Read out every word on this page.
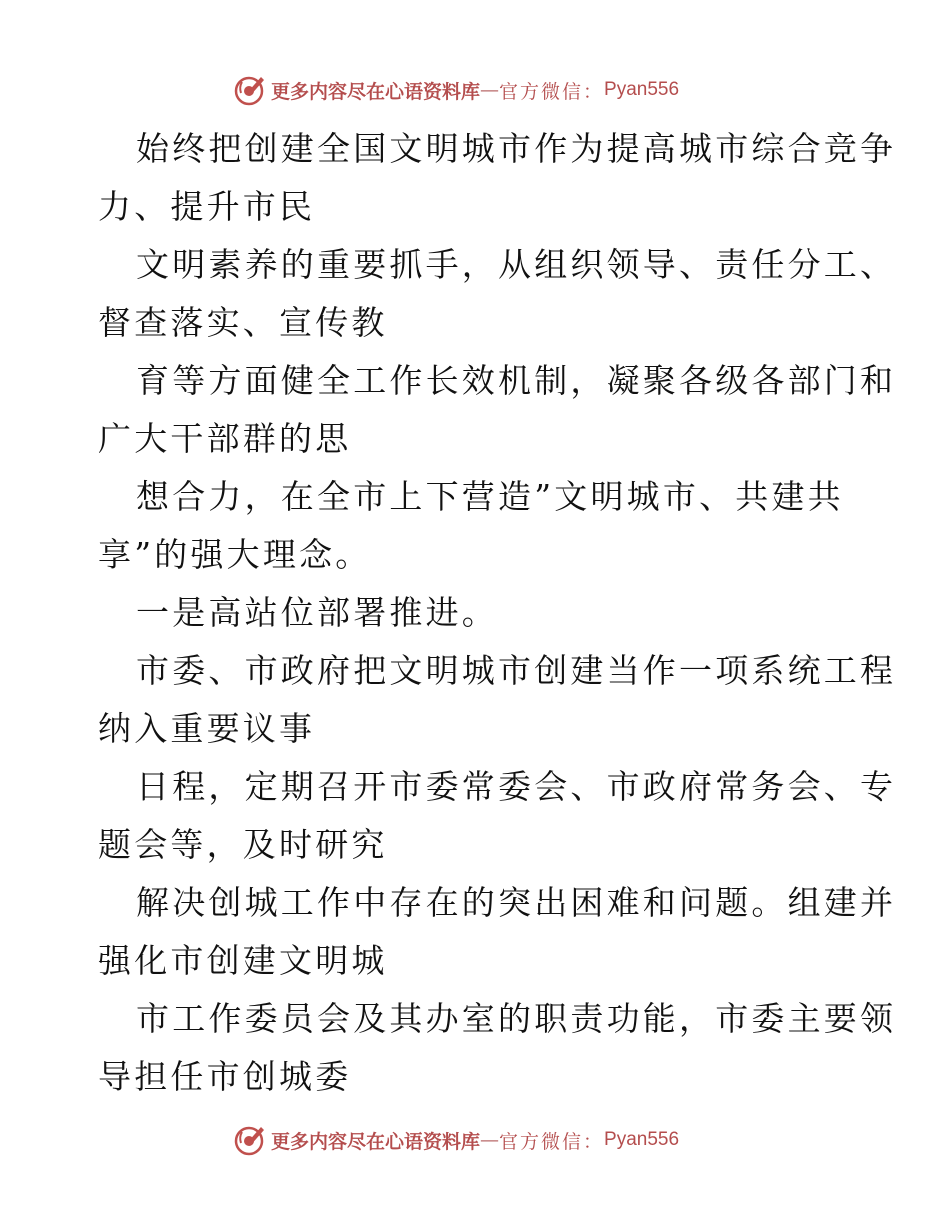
更多内容尽在心语资料库 — 官方微信： Pyan556
始终把创建全国文明城市作为提高城市综合竞争
力、提升市民
文明素养的重要抓手，从组织领导、责任分工、
督查落实、宣传教
育等方面健全工作长效机制，凝聚各级各部门和
广大干部群的思
想合力，在全市上下营造”文明城市、共建共
享”的强大理念。
一是高站位部署推进。
市委、市政府把文明城市创建当作一项系统工程
纳入重要议事
日程，定期召开市委常委会、市政府常务会、专
题会等，及时研究
解决创城工作中存在的突出困难和问题。组建并
强化市创建文明城
市工作委员会及其办室的职责功能，市委主要领
导担任市创城委
更多内容尽在心语资料库 — 官方微信： Pyan556
